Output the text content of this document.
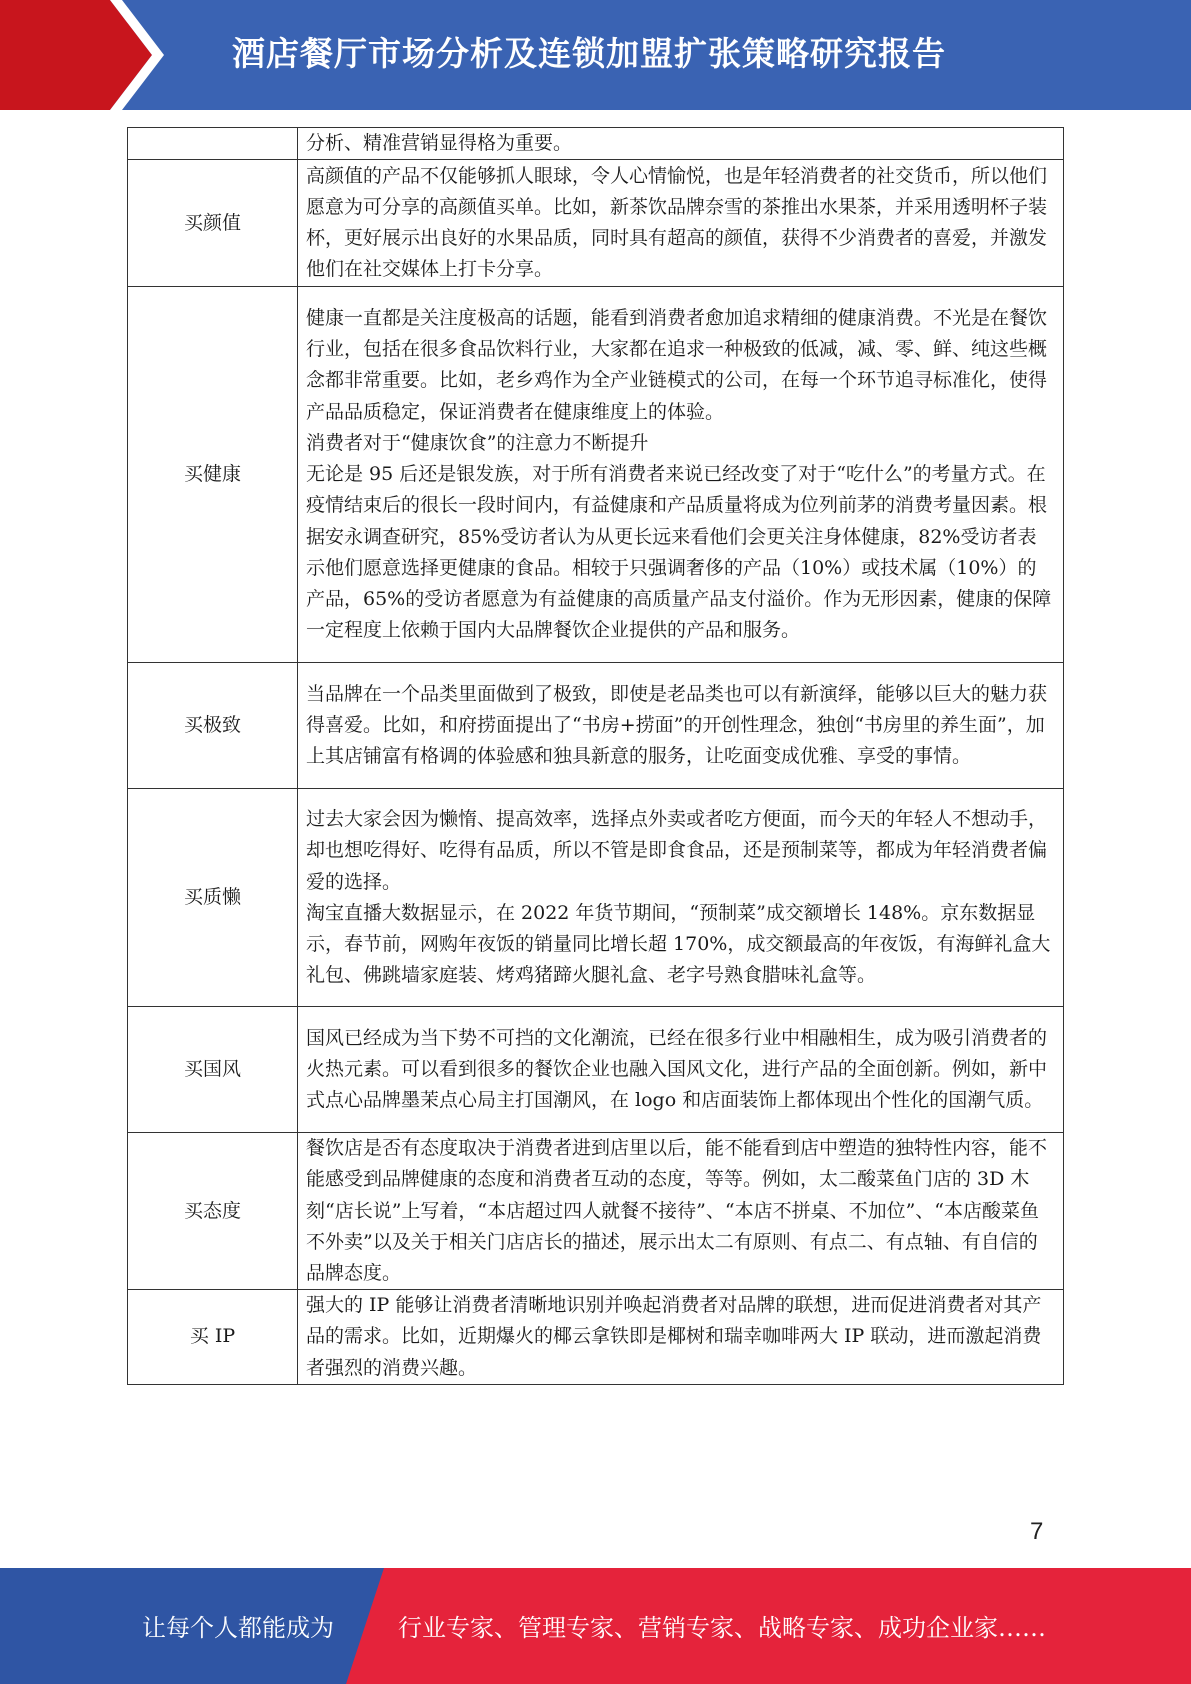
酒店餐厅市场分析及连锁加盟扩张策略研究报告

	分析、精准营销显得格为重要。

买颜值	高颜值的产品不仅能够抓人眼球，令人心情愉悦，也是年轻消费者的社交货币，所以他们愿意为可分享的高颜值买单。比如，新茶饮品牌奈雪的茶推出水果茶，并采用透明杯子装杯，更好展示出良好的水果品质，同时具有超高的颜值，获得不少消费者的喜爱，并激发他们在社交媒体上打卡分享。

买健康	健康一直都是关注度极高的话题，能看到消费者愈加追求精细的健康消费。不光是在餐饮行业，包括在很多食品饮料行业，大家都在追求一种极致的低减，减、零、鲜、纯这些概念都非常重要。比如，老乡鸡作为全产业链模式的公司，在每一个环节追寻标准化，使得产品品质稳定，保证消费者在健康维度上的体验。

消费者对于“健康饮食”的注意力不断提升

无论是 95 后还是银发族，对于所有消费者来说已经改变了对于“吃什么”的考量方式。在疫情结束后的很长一段时间内，有益健康和产品质量将成为位列前茅的消费考量因素。根据安永调查研究，85%受访者认为从更长远来看他们会更关注身体健康，82%受访者表示他们愿意选择更健康的食品。相较于只强调奢侈的产品（10%）或技术属（10%）的产品，65%的受访者愿意为有益健康的高质量产品支付溢价。作为无形因素，健康的保障一定程度上依赖于国内大品牌餐饮企业提供的产品和服务。

买极致	当品牌在一个品类里面做到了极致，即使是老品类也可以有新演绎，能够以巨大的魅力获得喜爱。比如，和府捞面提出了“书房+捞面”的开创性理念，独创“书房里的养生面”，加上其店铺富有格调的体验感和独具新意的服务，让吃面变成优雅、享受的事情。

买质懒	过去大家会因为懒惰、提高效率，选择点外卖或者吃方便面，而今天的年轻人不想动手，却也想吃得好、吃得有品质，所以不管是即食食品，还是预制菜等，都成为年轻消费者偏爱的选择。

淘宝直播大数据显示，在 2022 年货节期间，“预制菜”成交额增长 148%。京东数据显示，春节前，网购年夜饭的销量同比增长超 170%，成交额最高的年夜饭，有海鲜礼盒大礼包、佛跳墙家庭装、烤鸡猪蹄火腿礼盒、老字号熟食腊味礼盒等。

买国风	国风已经成为当下势不可挡的文化潮流，已经在很多行业中相融相生，成为吸引消费者的火热元素。可以看到很多的餐饮企业也融入国风文化，进行产品的全面创新。例如，新中式点心品牌墨茉点心局主打国潮风，在 logo 和店面装饰上都体现出个性化的国潮气质。

买态度	餐饮店是否有态度取决于消费者进到店里以后，能不能看到店中塑造的独特性内容，能不能感受到品牌健康的态度和消费者互动的态度，等等。例如，太二酸菜鱼门店的 3D 木刻“店长说”上写着，“本店超过四人就餐不接待”、“本店不拼桌、不加位”、“本店酸菜鱼不外卖”以及关于相关门店店长的描述，展示出太二有原则、有点二、有点轴、有自信的品牌态度。

买 IP	强大的 IP 能够让消费者清晰地识别并唤起消费者对品牌的联想，进而促进消费者对其产品的需求。比如，近期爆火的椰云拿铁即是椰树和瑞幸咖啡两大 IP 联动，进而激起消费者强烈的消费兴趣。

7
让每个人都能成为	行业专家、管理专家、营销专家、战略专家、成功企业家……
